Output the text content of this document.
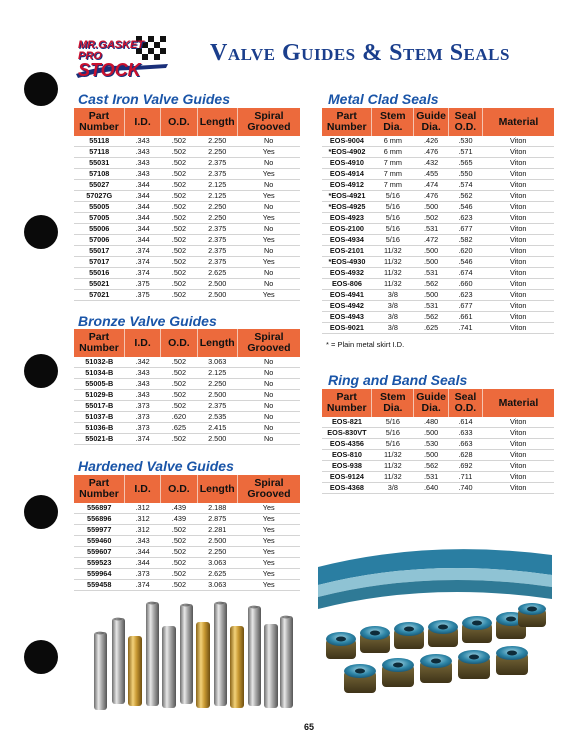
MR.GASKET PRO
STOCK
Valve Guides & Stem Seals
Cast Iron Valve Guides
Part Number	I.D.	O.D.	Length	Spiral Grooved
55118	.343	.502	2.250	No
57118	.343	.502	2.250	Yes
55031	.343	.502	2.375	No
57108	.343	.502	2.375	Yes
55027	.344	.502	2.125	No
57027G	.344	.502	2.125	Yes
55005	.344	.502	2.250	No
57005	.344	.502	2.250	Yes
55006	.344	.502	2.375	No
57006	.344	.502	2.375	Yes
55017	.374	.502	2.375	No
57017	.374	.502	2.375	Yes
55016	.374	.502	2.625	No
55021	.375	.502	2.500	No
57021	.375	.502	2.500	Yes
Bronze Valve Guides
Part Number	I.D.	O.D.	Length	Spiral Grooved
51032-B	.342	.502	3.063	No
51034-B	.343	.502	2.125	No
55005-B	.343	.502	2.250	No
51029-B	.343	.502	2.500	No
55017-B	.373	.502	2.375	No
51037-B	.373	.620	2.535	No
51036-B	.373	.625	2.415	No
55021-B	.374	.502	2.500	No
Hardened Valve Guides
Part Number	I.D.	O.D.	Length	Spiral Grooved
556897	.312	.439	2.188	Yes
556896	.312	.439	2.875	Yes
559977	.312	.502	2.281	Yes
559460	.343	.502	2.500	Yes
559607	.344	.502	2.250	Yes
559523	.344	.502	3.063	Yes
559964	.373	.502	2.625	Yes
559458	.374	.502	3.063	Yes
Metal Clad Seals
Part Number	Stem Dia.	Guide Dia.	Seal O.D.	Material
EOS-9004	6 mm	.426	.530	Viton
*EOS-4902	6 mm	.476	.571	Viton
EOS-4910	7 mm	.432	.565	Viton
EOS-4914	7 mm	.455	.550	Viton
EOS-4912	7 mm	.474	.574	Viton
*EOS-4921	5/16	.476	.562	Viton
*EOS-4925	5/16	.500	.546	Viton
EOS-4923	5/16	.502	.623	Viton
EOS-2100	5/16	.531	.677	Viton
EOS-4934	5/16	.472	.582	Viton
EOS-2101	11/32	.500	.620	Viton
*EOS-4930	11/32	.500	.546	Viton
EOS-4932	11/32	.531	.674	Viton
EOS-806	11/32	.562	.660	Viton
EOS-4941	3/8	.500	.623	Viton
EOS-4942	3/8	.531	.677	Viton
EOS-4943	3/8	.562	.661	Viton
EOS-9021	3/8	.625	.741	Viton
* = Plain metal skirt I.D.
Ring and Band Seals
Part Number	Stem Dia.	Guide Dia.	Seal O.D.	Material
EOS-821	5/16	.480	.614	Viton
EOS-830VT	5/16	.500	.633	Viton
EOS-4356	5/16	.530	.663	Viton
EOS-810	11/32	.500	.628	Viton
EOS-938	11/32	.562	.692	Viton
EOS-9124	11/32	.531	.711	Viton
EOS-4368	3/8	.640	.740	Viton
65
